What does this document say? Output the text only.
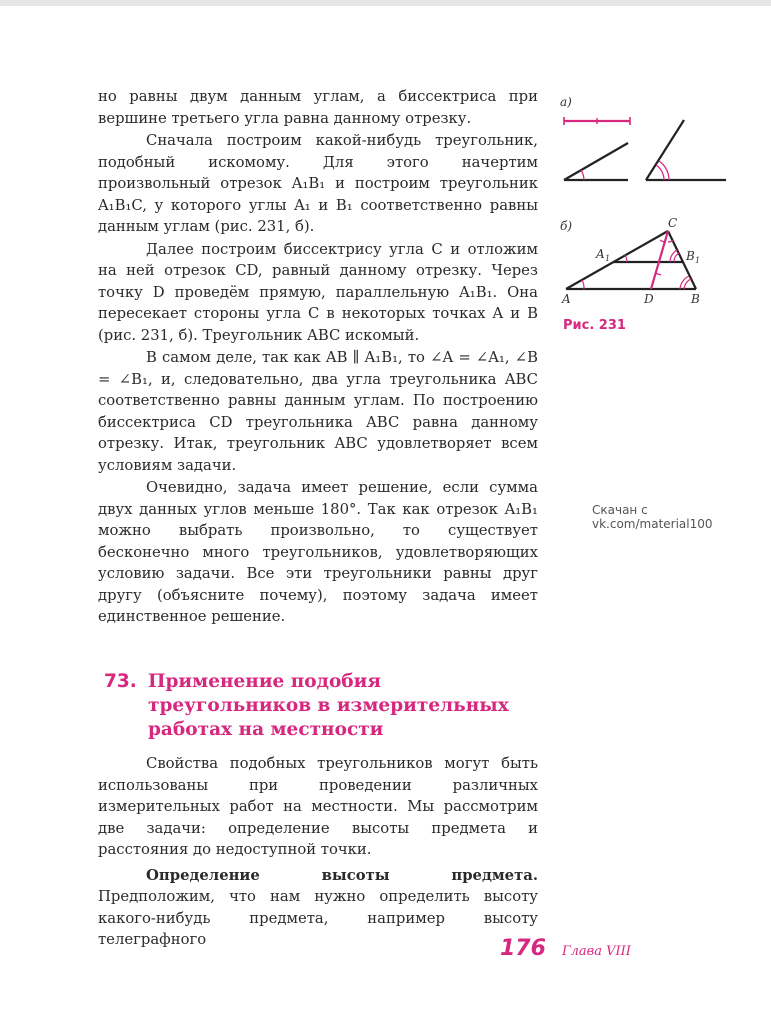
но равны двум данным углам, а биссектриса при вершине третьего угла равна данному отрезку.

Сначала построим какой-нибудь треугольник, подобный искомому. Для этого начертим произвольный отрезок A₁B₁ и построим треугольник A₁B₁C, у которого углы A₁ и B₁ соответственно равны данным углам (рис. 231, б).

Далее построим биссектрису угла C и отложим на ней отрезок CD, равный данному отрезку. Через точку D проведём прямую, параллельную A₁B₁. Она пересекает стороны угла C в некоторых точках A и B (рис. 231, б). Треугольник ABC искомый.

В самом деле, так как AB ∥ A₁B₁, то ∠A = ∠A₁, ∠B = ∠B₁, и, следовательно, два угла треугольника ABC соответственно равны данным углам. По построению биссектриса CD треугольника ABC равна данному отрезку. Итак, треугольник ABC удовлетворяет всем условиям задачи.

Очевидно, задача имеет решение, если сумма двух данных углов меньше 180°. Так как отрезок A₁B₁ можно выбрать произвольно, то существует бесконечно много треугольников, удовлетворяющих условию задачи. Все эти треугольники равны друг другу (объясните почему), поэтому задача имеет единственное решение.

а)
б)	C
A 1	B 1
A	D	B
Рис. 231
Скачан с vk.com/material100
73. Применение подобия
треугольников в измерительных
работах на местности

Свойства подобных треугольников могут быть использованы при проведении различных измерительных работ на местности. Мы рассмотрим две задачи: определение высоты предмета и расстояния до недоступной точки.

Определение высоты предмета. Предположим, что нам нужно определить высоту какого-нибудь предмета, например высоту телеграфного	176 Глава VIII
